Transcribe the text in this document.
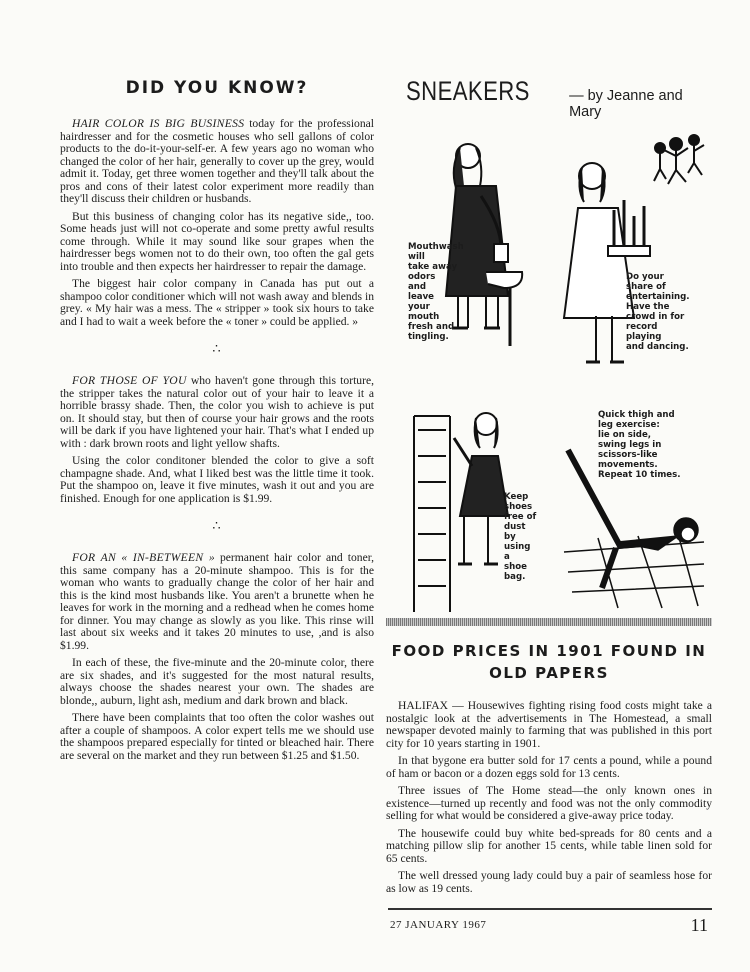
DID YOU KNOW?

HAIR COLOR IS BIG BUSINESS today for the professional hairdresser and for the cosmetic houses who sell gallons of color products to the do-it-your-self-er. A few years ago no woman who changed the color of her hair, generally to cover up the grey, would admit it. Today, get three women together and they'll talk about the pros and cons of their latest color experiment more readily than they'll discuss their children or husbands.

But this business of changing color has its negative side,, too. Some heads just will not co-operate and some pretty awful results come through. While it may sound like sour grapes when the hairdresser begs women not to do their own, too often the gal gets into trouble and then expects her hairdresser to repair the damage.

The biggest hair color company in Canada has put out a shampoo color conditioner which will not wash away and blends in grey. « My hair was a mess. The « stripper » took six hours to take and I had to wait a week before the « toner » could be applied. »

∴

FOR THOSE OF YOU who haven't gone through this torture, the stripper takes the natural color out of your hair to leave it a horrible brassy shade. Then, the color you wish to achieve is put on. It should stay, but then of course your hair grows and the roots will be dark if you have lightened your hair. That's what I ended up with : dark brown roots and light yellow shafts.

Using the color conditoner blended the color to give a soft champagne shade. And, what I liked best was the little time it took. Put the shampoo on, leave it five minutes, wash it out and you are finished. Enough for one application is $1.99.

∴

FOR AN « IN-BETWEEN » permanent hair color and toner, this same company has a 20-minute shampoo. This is for the woman who wants to gradually change the color of her hair and this is the kind most husbands like. You aren't a brunette when he leaves for work in the morning and a redhead when he comes home for dinner. You may change as slowly as you like. This rinse will last about six weeks and it takes 20 minutes to use, ,and is also $1.99.

In each of these, the five-minute and the 20-minute color, there are six shades, and it's suggested for the most natural results, always choose the shades nearest your own. The shades are blonde,, auburn, light ash, medium and dark brown and black.

There have been complaints that too often the color washes out after a couple of shampoos. A color expert tells me we should use the shampoos prepared especially for tinted or bleached hair. There are several on the market and they run between $1.25 and $1.50.

SNEAKERS	— by Jeanne and Mary
Mouthwash
will
take away
odors
and
leave
your
mouth
fresh and
tingling.
Do your
share of
entertaining.
Have the
crowd in for
record
playing
and dancing.
Keep
shoes
free of
dust
by
using
a
shoe
bag.
Quick thigh and
leg exercise:
lie on side,
swing legs in
scissors-like
movements.
Repeat 10 times.
FOOD PRICES IN 1901 FOUND IN OLD PAPERS

HALIFAX — Housewives fighting rising food costs might take a nostalgic look at the advertisements in The Homestead, a small newspaper devoted mainly to farming that was published in this port city for 10 years starting in 1901.

In that bygone era butter sold for 17 cents a pound, while a pound of ham or bacon or a dozen eggs sold for 13 cents.

Three issues of The Home stead—the only known ones in existence—turned up recently and food was not the only commodity selling for what would be considered a give-away price today.

The housewife could buy white bed-spreads for 80 cents and a matching pillow slip for another 15 cents, while table linen sold for 65 cents.

The well dressed young lady could buy a pair of seamless hose for as low as 19 cents.

27 JANUARY 1967	11
